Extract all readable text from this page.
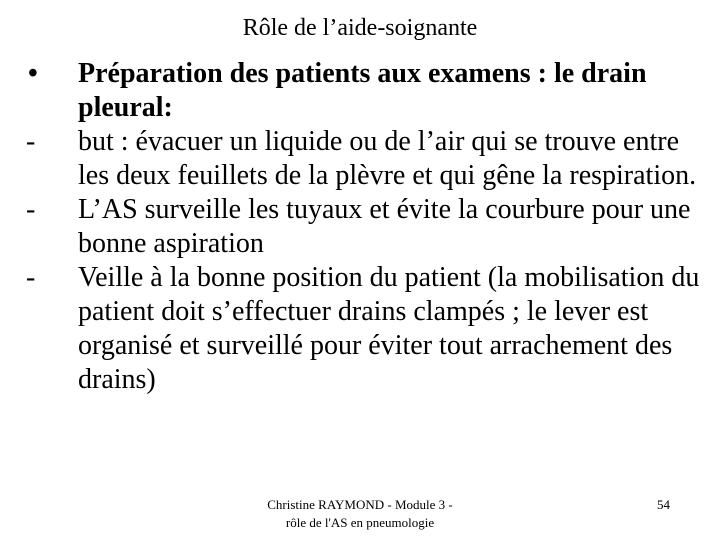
Rôle de l’aide-soignante
•	Préparation des patients aux examens : le drain pleural:
-	but : évacuer un liquide ou de l’air qui se trouve entre les deux feuillets de la plèvre et qui gêne la respiration.
-	L’AS surveille les tuyaux et évite la courbure pour une bonne aspiration
-	Veille à la bonne position du patient (la mobilisation du patient doit s’effectuer drains clampés ; le lever est organisé et surveillé pour éviter tout arrachement des drains)
Christine RAYMOND - Module 3 -
rôle de l'AS en pneumologie
54
